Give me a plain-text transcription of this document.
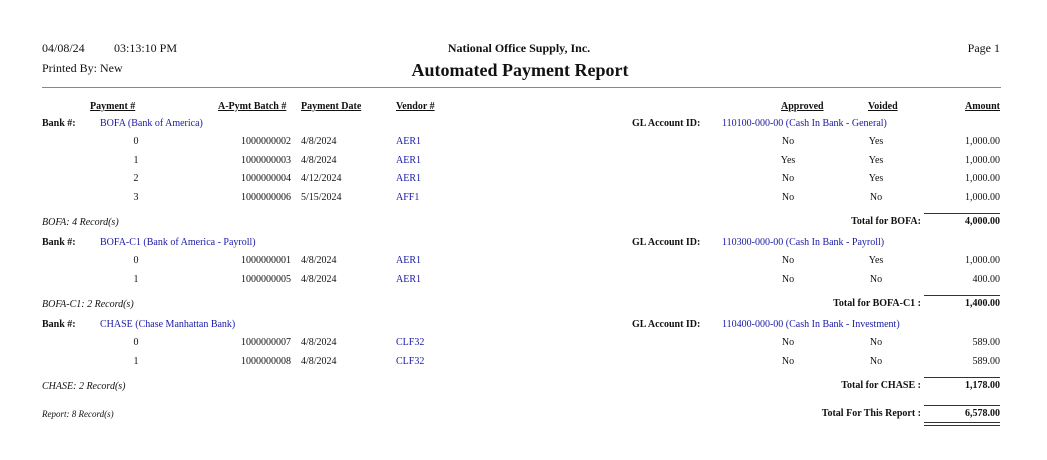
04/08/24 03:13:10 PM
Printed By: New
National Office Supply, Inc.
Automated Payment Report
Page 1
Payment #	A-Pymt Batch # Payment Date	Vendor #	Approved	Voided	Amount
Bank #: BOFA (Bank of America)	GL Account ID: 110100-000-00 (Cash In Bank - General)
0	1000000002 4/8/2024	AER1	No	Yes	1,000.00
1	1000000003 4/8/2024	AER1	Yes	Yes	1,000.00
2	1000000004 4/12/2024	AER1	No	Yes	1,000.00
3	1000000006 5/15/2024	AFF1	No	No	1,000.00
BOFA: 4 Record(s)	Total for BOFA:	4,000.00
Bank #: BOFA-C1 (Bank of America - Payroll)	GL Account ID: 110300-000-00 (Cash In Bank - Payroll)
0	1000000001 4/8/2024	AER1	No	Yes	1,000.00
1	1000000005 4/8/2024	AER1	No	No	400.00
BOFA-C1: 2 Record(s)	Total for BOFA-C1 :	1,400.00
Bank #: CHASE (Chase Manhattan Bank)	GL Account ID: 110400-000-00 (Cash In Bank - Investment)
0	1000000007 4/8/2024	CLF32	No	No	589.00
1	1000000008 4/8/2024	CLF32	No	No	589.00
CHASE: 2 Record(s)	Total for CHASE :	1,178.00
Report: 8 Record(s)	Total For This Report :	6,578.00
